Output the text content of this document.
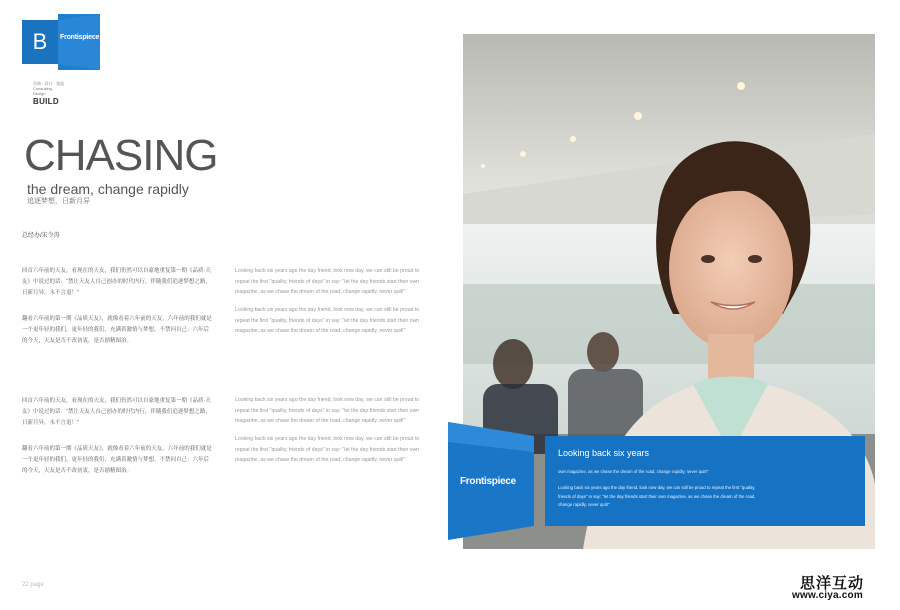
B Frontispiece
咨询 · 设计 · 建造
Consulting
Design
BUILD
CHASING
the dream, change rapidly
追逐梦想，日新月异
总经办/宋令涛
回首六年前的天友，看现在的天友，我们仍然可以自豪地重复第一期《品质·天友》中说过的话：“禁让天友人自己创办的时代内行，伴随我们追逐梦想之路，日新月异，永不言退！”
翻看六年前的第一期《品质天友》，就像看着六年前的天友。六年前的我们就是一个更年轻的我们，更年轻的我们，充满着激情与梦想。不禁问自己：六年后的今天，天友是否不改初衷，是否励精图治。
Looking back six years ago the day friend, look now day, we can still be proud to repeat the first "quality, friends of days" in say: "let the day friends start their own magazine, as we chase the dream of the road, change rapidly, never quit!"
Looking back six years ago the day friend, look now day, we can still be proud to repeat the first "quality, friends of days" in say: "let the day friends start their own magazine, as we chase the dream of the road, change rapidly, never quit!"
回首六年前的天友，看现在的天友，我们仍然可以自豪地重复第一期《品质·天友》中说过的话：“禁让天友人自己创办的时代内行，伴随我们追逐梦想之路，日新月异，永不言退！”
翻看六年前的第一期《品质天友》，就像看着六年前的天友。六年前的我们就是一个更年轻的我们，更年轻的我们，充满着激情与梦想。不禁问自己：六年后的今天，天友是否不改初衷，是否励精图治。
Looking back six years ago the day friend, look now day, we can still be proud to repeat the first "quality, friends of days" in say: "let the day friends start their own magazine, as we chase the dream of the road, change rapidly, never quit!"
Looking back six years ago the day friend, look now day, we can still be proud to repeat the first "quality, friends of days" in say: "let the day friends start their own magazine, as we chase the dream of the road, change rapidly, never quit!"
22 page
Frontispiece
Looking back six years
own magazine, as we chase the dream of the road, change rapidly, never quit!"
Looking back six years ago the day friend, look now day, we can still be proud to repeat the first "quality, friends of days" in say: "let the day friends start their own magazine, as we chase the dream of the road, change rapidly, never quit!"
思洋互动
www.ciya.com
